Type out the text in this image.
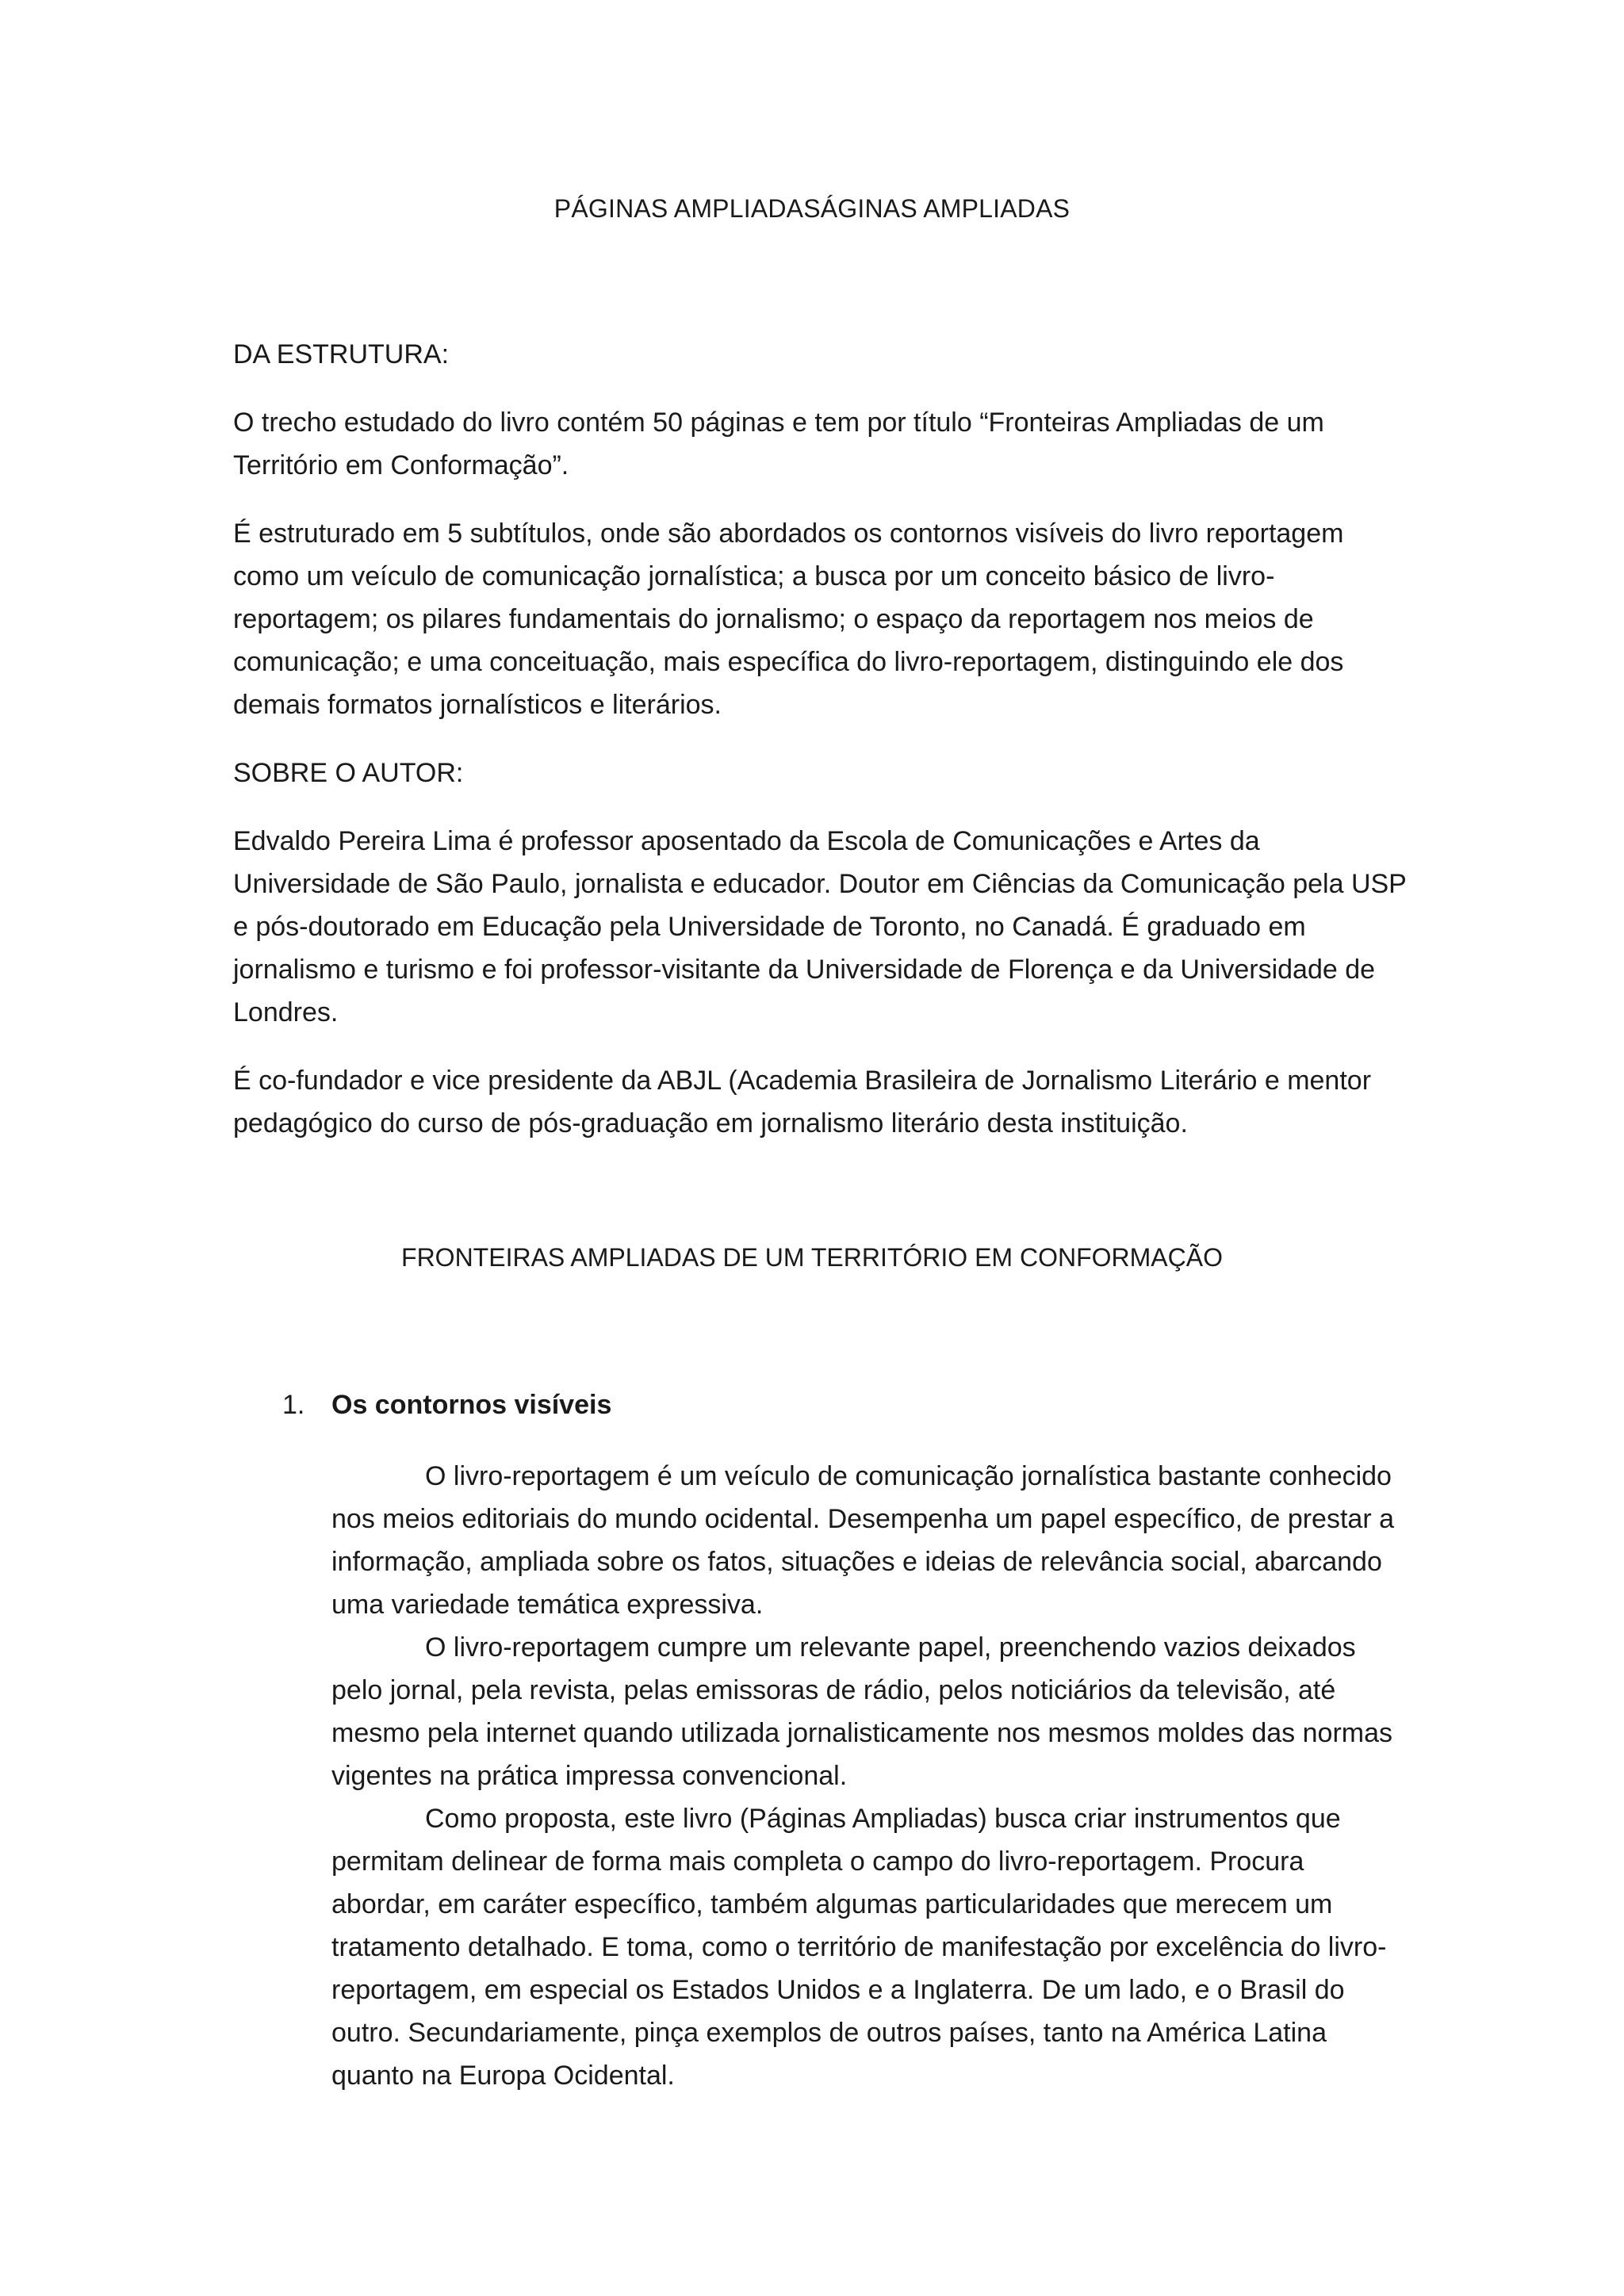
PÁGINAS AMPLIADASÁGINAS AMPLIADAS
DA ESTRUTURA:

O trecho estudado do livro contém 50 páginas e tem por título “Fronteiras Ampliadas de um Território em Conformação”.

É estruturado em 5 subtítulos, onde são abordados os contornos visíveis do livro reportagem como um veículo de comunicação jornalística; a busca por um conceito básico de livro-reportagem; os pilares fundamentais do jornalismo; o espaço da reportagem nos meios de comunicação; e uma conceituação, mais específica do livro-reportagem, distinguindo ele dos demais formatos jornalísticos e literários.

SOBRE O AUTOR:

Edvaldo Pereira Lima é professor aposentado da Escola de Comunicações e Artes da Universidade de São Paulo, jornalista e educador. Doutor em Ciências da Comunicação pela USP e pós-doutorado em Educação pela Universidade de Toronto, no Canadá. É graduado em jornalismo e turismo e foi professor-visitante da Universidade de Florença e da Universidade de Londres.

É co-fundador e vice presidente da ABJL (Academia Brasileira de Jornalismo Literário e mentor pedagógico do curso de pós-graduação em jornalismo literário desta instituição.

FRONTEIRAS AMPLIADAS DE UM TERRITÓRIO EM CONFORMAÇÃO
1. Os contornos visíveis

O livro-reportagem é um veículo de comunicação jornalística bastante conhecido nos meios editoriais do mundo ocidental. Desempenha um papel específico, de prestar a informação, ampliada sobre os fatos, situações e ideias de relevância social, abarcando uma variedade temática expressiva.

O livro-reportagem cumpre um relevante papel, preenchendo vazios deixados pelo jornal, pela revista, pelas emissoras de rádio, pelos noticiários da televisão, até mesmo pela internet quando utilizada jornalisticamente nos mesmos moldes das normas vigentes na prática impressa convencional.

Como proposta, este livro (Páginas Ampliadas) busca criar instrumentos que permitam delinear de forma mais completa o campo do livro-reportagem. Procura abordar, em caráter específico, também algumas particularidades que merecem um tratamento detalhado. E toma, como o território de manifestação por excelência do livro-reportagem, em especial os Estados Unidos e a Inglaterra. De um lado, e o Brasil do outro. Secundariamente, pinça exemplos de outros países, tanto na América Latina quanto na Europa Ocidental.
